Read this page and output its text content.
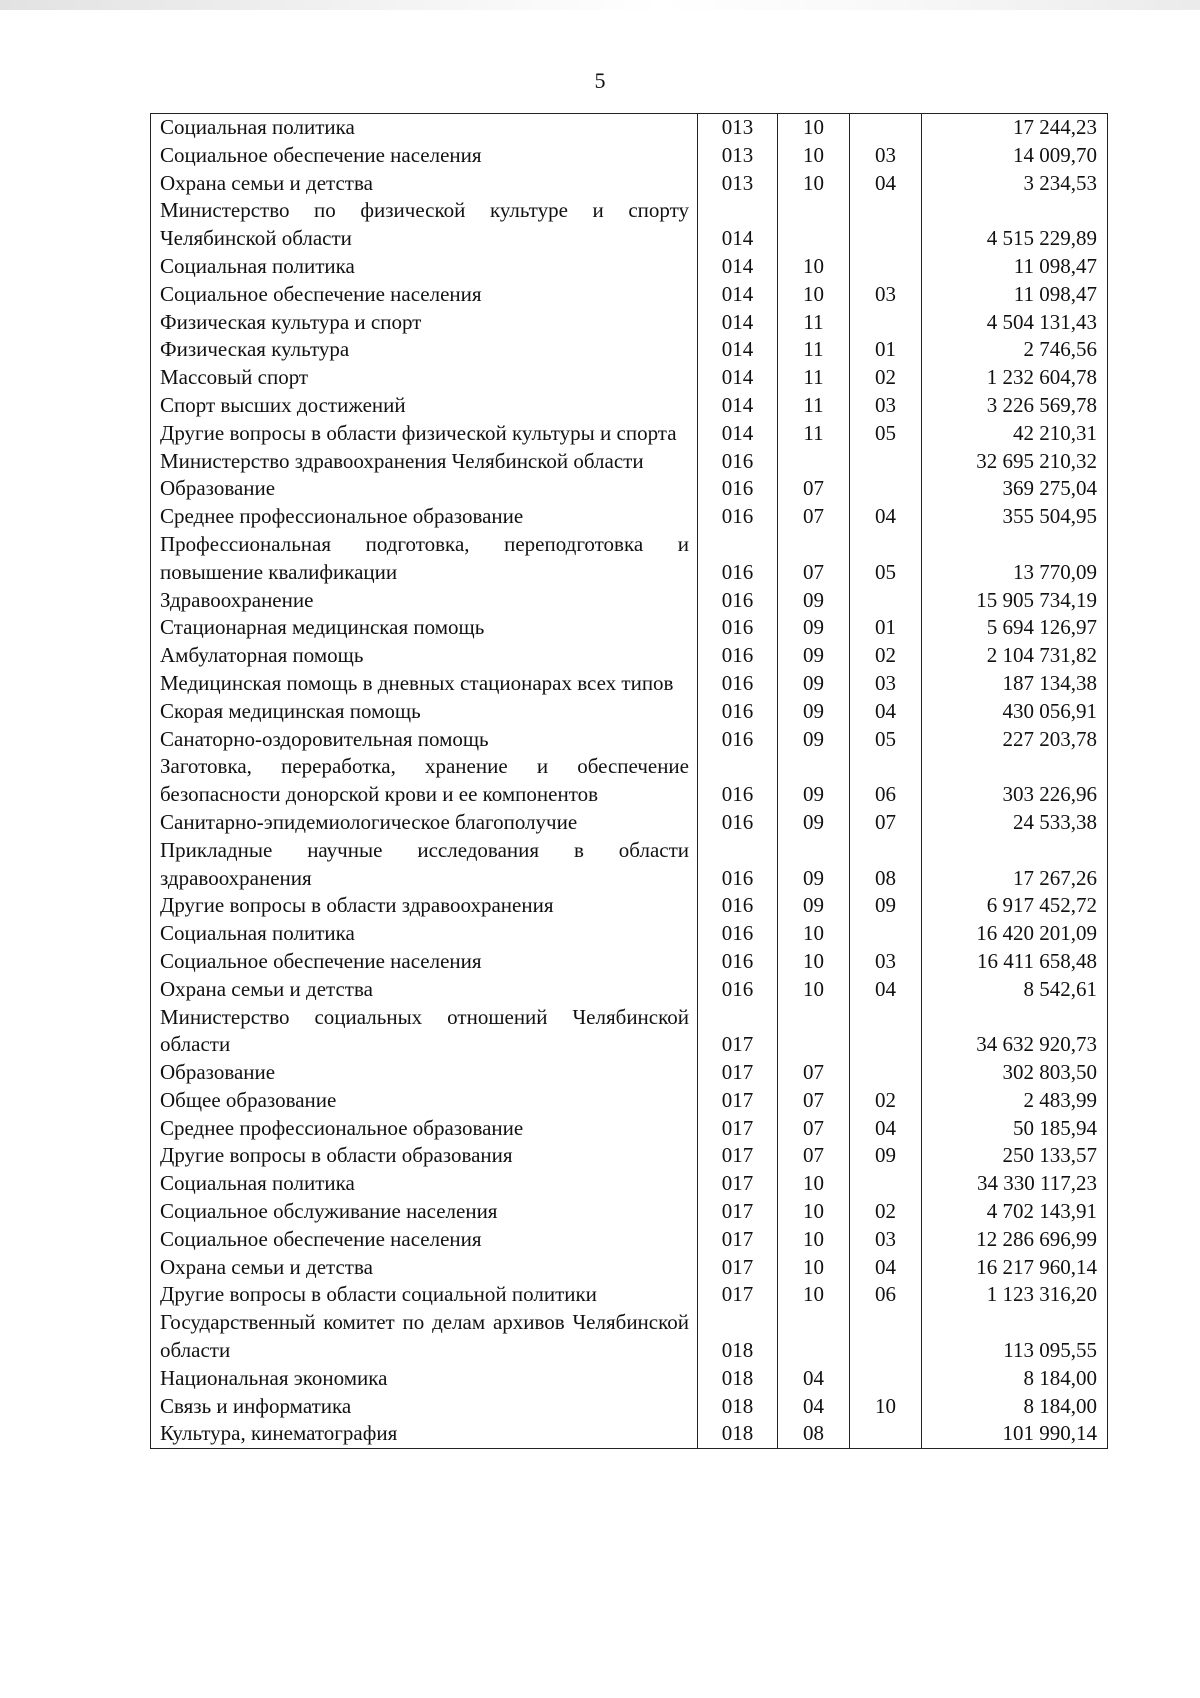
5
Социальная политика	013	10		17 244,23

Социальное обеспечение населения	013	10	03	14 009,70

Охрана семьи и детства	013	10	04	3 234,53

Министерство по физической культуре и спорту Челябинской области	014			4 515 229,89

Социальная политика	014	10		11 098,47

Социальное обеспечение населения	014	10	03	11 098,47

Физическая культура и спорт	014	11		4 504 131,43

Физическая культура	014	11	01	2 746,56

Массовый спорт	014	11	02	1 232 604,78

Спорт высших достижений	014	11	03	3 226 569,78

Другие вопросы в области физической культуры и спорта	014	11	05	42 210,31

Министерство здравоохранения Челябинской области	016			32 695 210,32

Образование	016	07		369 275,04

Среднее профессиональное образование	016	07	04	355 504,95

Профессиональная подготовка, переподготовка и повышение квалификации	016	07	05	13 770,09

Здравоохранение	016	09		15 905 734,19

Стационарная медицинская помощь	016	09	01	5 694 126,97

Амбулаторная помощь	016	09	02	2 104 731,82

Медицинская помощь в дневных стационарах всех типов	016	09	03	187 134,38

Скорая медицинская помощь	016	09	04	430 056,91

Санаторно-оздоровительная помощь	016	09	05	227 203,78

Заготовка, переработка, хранение и обеспечение безопасности донорской крови и ее компонентов	016	09	06	303 226,96

Санитарно-эпидемиологическое благополучие	016	09	07	24 533,38

Прикладные научные исследования в области здравоохранения	016	09	08	17 267,26

Другие вопросы в области здравоохранения	016	09	09	6 917 452,72

Социальная политика	016	10		16 420 201,09

Социальное обеспечение населения	016	10	03	16 411 658,48

Охрана семьи и детства	016	10	04	8 542,61

Министерство социальных отношений Челябинской области	017			34 632 920,73

Образование	017	07		302 803,50

Общее образование	017	07	02	2 483,99

Среднее профессиональное образование	017	07	04	50 185,94

Другие вопросы в области образования	017	07	09	250 133,57

Социальная политика	017	10		34 330 117,23

Социальное обслуживание населения	017	10	02	4 702 143,91

Социальное обеспечение населения	017	10	03	12 286 696,99

Охрана семьи и детства	017	10	04	16 217 960,14

Другие вопросы в области социальной политики	017	10	06	1 123 316,20

Государственный комитет по делам архивов Челябинской области	018			113 095,55

Национальная экономика	018	04		8 184,00

Связь и информатика	018	04	10	8 184,00

Культура, кинематография	018	08		101 990,14
